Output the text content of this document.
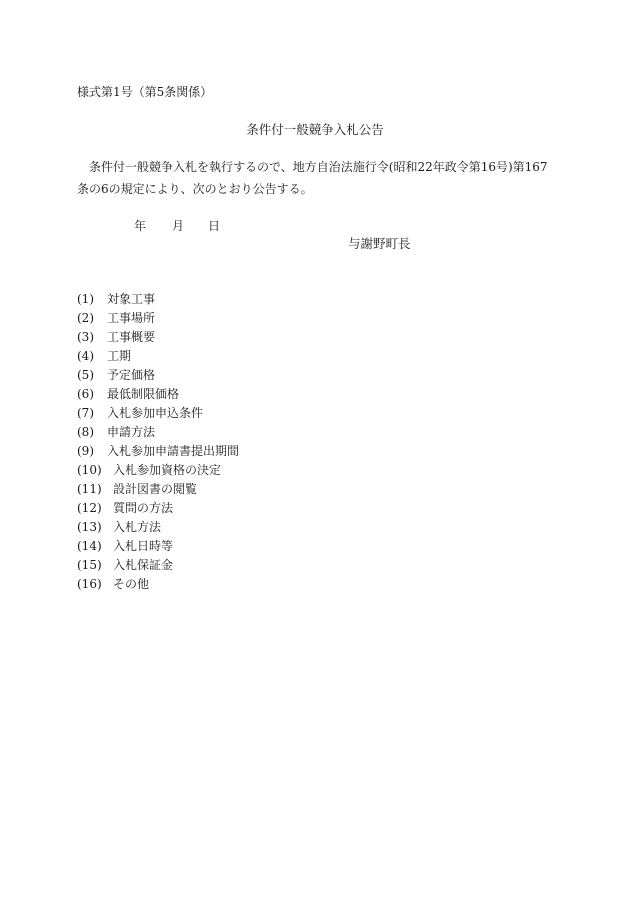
様式第1号（第5条関係）
条件付一般競争入札公告
条件付一般競争入札を執行するので、地方自治法施行令(昭和22年政令第16号)第167条の6の規定により、次のとおり公告する。
年 月 日
与謝野町長
(1)	対象工事
(2)	工事場所
(3)	工事概要
(4)	工期
(5)	予定価格
(6)	最低制限価格
(7)	入札参加申込条件
(8)	申請方法
(9)	入札参加申請書提出期間
(10) 入札参加資格の決定
(11) 設計図書の閲覧
(12) 質問の方法
(13) 入札方法
(14) 入札日時等
(15) 入札保証金
(16) その他
